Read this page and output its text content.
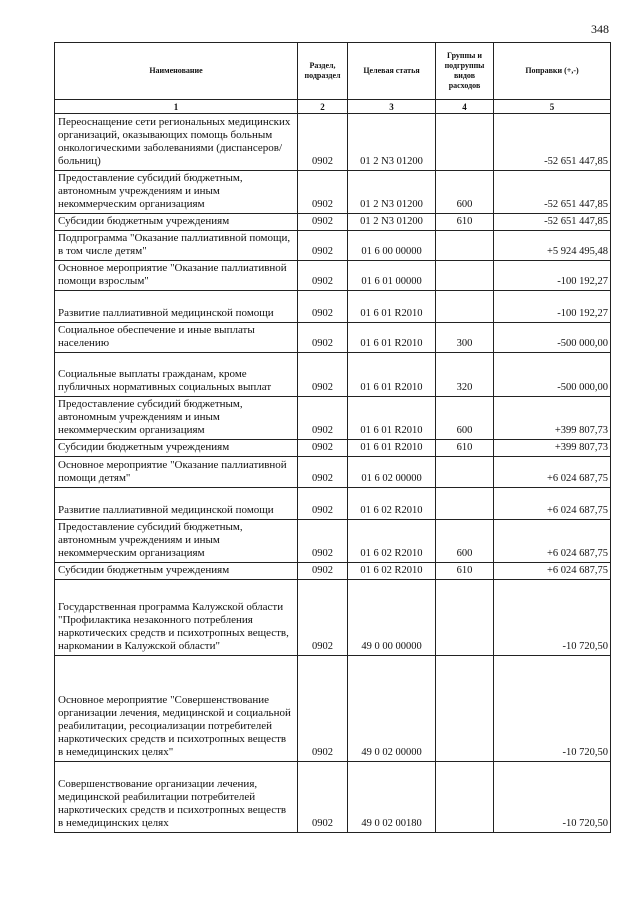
348
Наименование	Раздел, подраздел	Целевая статья	Группы и подгруппы видов расходов	Поправки (+,-)
1	2	3	4	5
Переоснащение сети региональных медицинских организаций, оказывающих помощь больным онкологическими заболеваниями (диспансеров/больниц)	0902	01 2 N3 01200		-52 651 447,85
Предоставление субсидий бюджетным, автономным учреждениям и иным некоммерческим организациям	0902	01 2 N3 01200	600	-52 651 447,85
Субсидии бюджетным учреждениям	0902	01 2 N3 01200	610	-52 651 447,85
Подпрограмма "Оказание паллиативной помощи, в том числе детям"	0902	01 6 00 00000		+5 924 495,48
Основное мероприятие "Оказание паллиативной помощи взрослым"	0902	01 6 01 00000		-100 192,27
Развитие паллиативной медицинской помощи	0902	01 6 01 R2010		-100 192,27
Социальное обеспечение и иные выплаты населению	0902	01 6 01 R2010	300	-500 000,00
Социальные выплаты гражданам, кроме публичных нормативных социальных выплат	0902	01 6 01 R2010	320	-500 000,00
Предоставление субсидий бюджетным, автономным учреждениям и иным некоммерческим организациям	0902	01 6 01 R2010	600	+399 807,73
Субсидии бюджетным учреждениям	0902	01 6 01 R2010	610	+399 807,73
Основное мероприятие "Оказание паллиативной помощи детям"	0902	01 6 02 00000		+6 024 687,75
Развитие паллиативной медицинской помощи	0902	01 6 02 R2010		+6 024 687,75
Предоставление субсидий бюджетным, автономным учреждениям и иным некоммерческим организациям	0902	01 6 02 R2010	600	+6 024 687,75
Субсидии бюджетным учреждениям	0902	01 6 02 R2010	610	+6 024 687,75
Государственная программа Калужской области "Профилактика незаконного потребления наркотических средств и психотропных веществ, наркомании в Калужской области"	0902	49 0 00 00000		-10 720,50
Основное мероприятие "Совершенствование организации лечения, медицинской и социальной реабилитации, ресоциализации потребителей наркотических средств и психотропных веществ в немедицинских целях"	0902	49 0 02 00000		-10 720,50
Совершенствование организации лечения, медицинской реабилитации потребителей наркотических средств и психотропных веществ в немедицинских целях	0902	49 0 02 00180		-10 720,50
